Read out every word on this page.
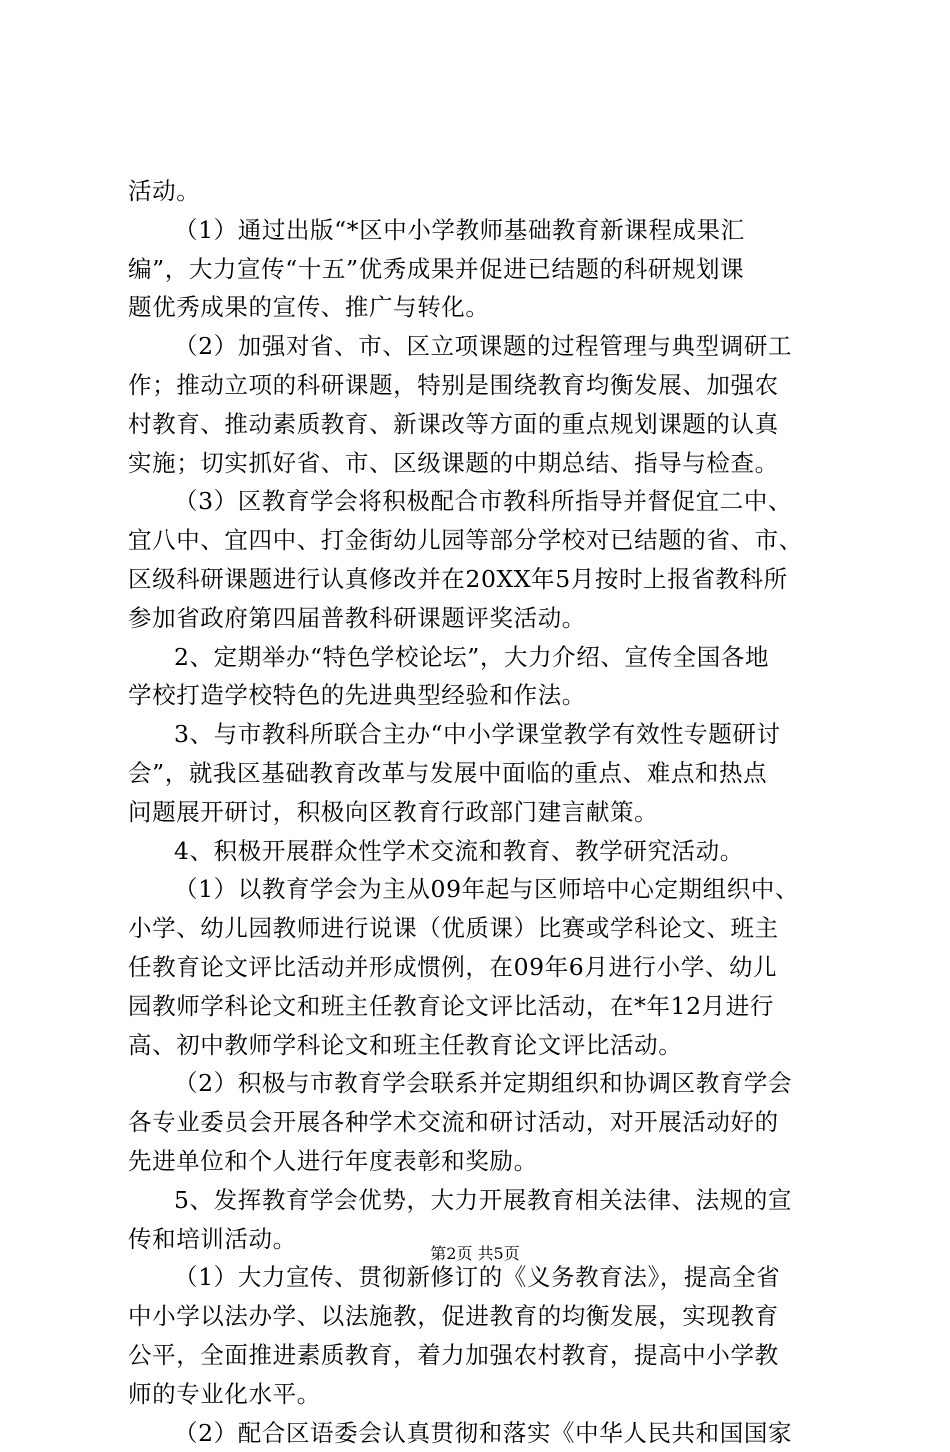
活动。
（1）通过出版“*区中小学教师基础教育新课程成果汇
编”，大力宣传“十五”优秀成果并促进已结题的科研规划课
题优秀成果的宣传、推广与转化。
（2）加强对省、市、区立项课题的过程管理与典型调研工
作；推动立项的科研课题，特别是围绕教育均衡发展、加强农
村教育、推动素质教育、新课改等方面的重点规划课题的认真
实施；切实抓好省、市、区级课题的中期总结、指导与检查。
（3）区教育学会将积极配合市教科所指导并督促宜二中、
宜八中、宜四中、打金街幼儿园等部分学校对已结题的省、市、
区级科研课题进行认真修改并在20XX年5月按时上报省教科所
参加省政府第四届普教科研课题评奖活动。
2、定期举办“特色学校论坛”，大力介绍、宣传全国各地
学校打造学校特色的先进典型经验和作法。
3、与市教科所联合主办“中小学课堂教学有效性专题研讨
会”，就我区基础教育改革与发展中面临的重点、难点和热点
问题展开研讨，积极向区教育行政部门建言献策。
4、积极开展群众性学术交流和教育、教学研究活动。
（1）以教育学会为主从09年起与区师培中心定期组织中、
小学、幼儿园教师进行说课（优质课）比赛或学科论文、班主
任教育论文评比活动并形成惯例，在09年6月进行小学、幼儿
园教师学科论文和班主任教育论文评比活动，在*年12月进行
高、初中教师学科论文和班主任教育论文评比活动。
（2）积极与市教育学会联系并定期组织和协调区教育学会
各专业委员会开展各种学术交流和研讨活动，对开展活动好的
先进单位和个人进行年度表彰和奖励。
5、发挥教育学会优势，大力开展教育相关法律、法规的宣
传和培训活动。
（1）大力宣传、贯彻新修订的《义务教育法》，提高全省
中小学以法办学、以法施教，促进教育的均衡发展，实现教育
公平，全面推进素质教育，着力加强农村教育，提高中小学教
师的专业化水平。
（2）配合区语委会认真贯彻和落实《中华人民共和国国家
第2页 共5页
